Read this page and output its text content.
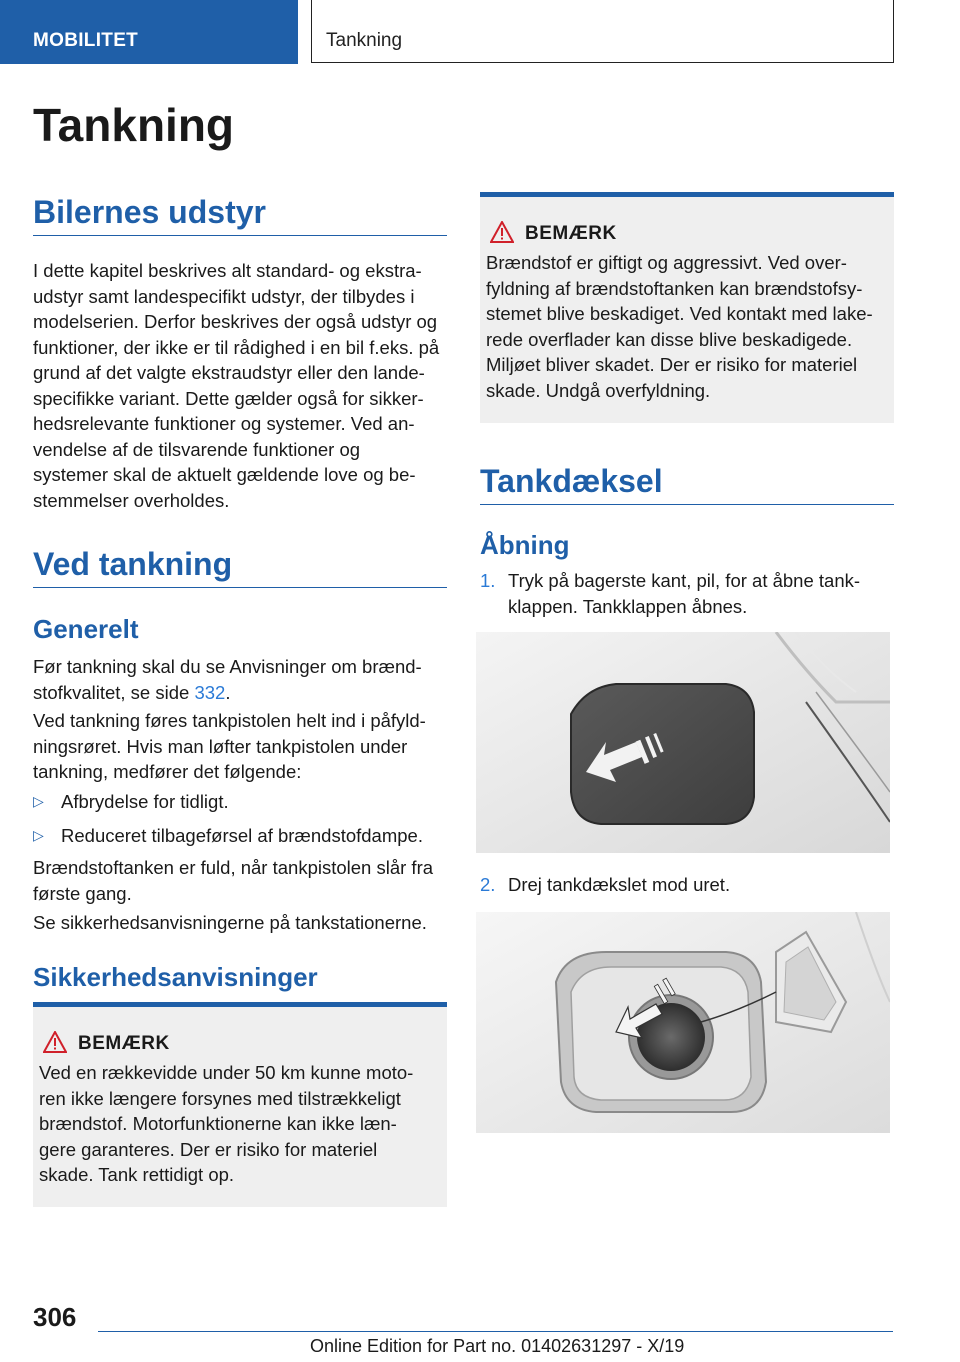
MOBILITET	Tankning
Tankning
Bilernes udstyr
I dette kapitel beskrives alt standard- og ekstra-
udstyr samt landespecifikt udstyr, der tilbydes i
modelserien. Derfor beskrives der også udstyr og
funktioner, der ikke er til rådighed i en bil f.eks. på
grund af det valgte ekstraudstyr eller den lande-
specifikke variant. Dette gælder også for sikker-
hedsrelevante funktioner og systemer. Ved an-
vendelse af de tilsvarende funktioner og
systemer skal de aktuelt gældende love og be-
stemmelser overholdes.
Ved tankning
Generelt
Før tankning skal du se Anvisninger om brænd-
stofkvalitet, se side 332.
Ved tankning føres tankpistolen helt ind i påfyld-
ningsrøret. Hvis man løfter tankpistolen under
tankning, medfører det følgende:
▷ Afbrydelse for tidligt.
▷ Reduceret tilbageførsel af brændstofdampe.
Brændstoftanken er fuld, når tankpistolen slår fra
første gang.
Se sikkerhedsanvisningerne på tankstationerne.
Sikkerhedsanvisninger
BEMÆRK
Ved en rækkevidde under 50 km kunne moto-
ren ikke længere forsynes med tilstrækkeligt
brændstof. Motorfunktionerne kan ikke læn-
gere garanteres. Der er risiko for materiel
skade. Tank rettidigt op.
BEMÆRK
Brændstof er giftigt og aggressivt. Ved over-
fyldning af brændstoftanken kan brændstofsy-
stemet blive beskadiget. Ved kontakt med lake-
rede overflader kan disse blive beskadigede.
Miljøet bliver skadet. Der er risiko for materiel
skade. Undgå overfyldning.
Tankdæksel
Åbning
1. Tryk på bagerste kant, pil, for at åbne tank-
klappen. Tankklappen åbnes.
2. Drej tankdækslet mod uret.
306
Online Edition for Part no. 01402631297 - X/19
